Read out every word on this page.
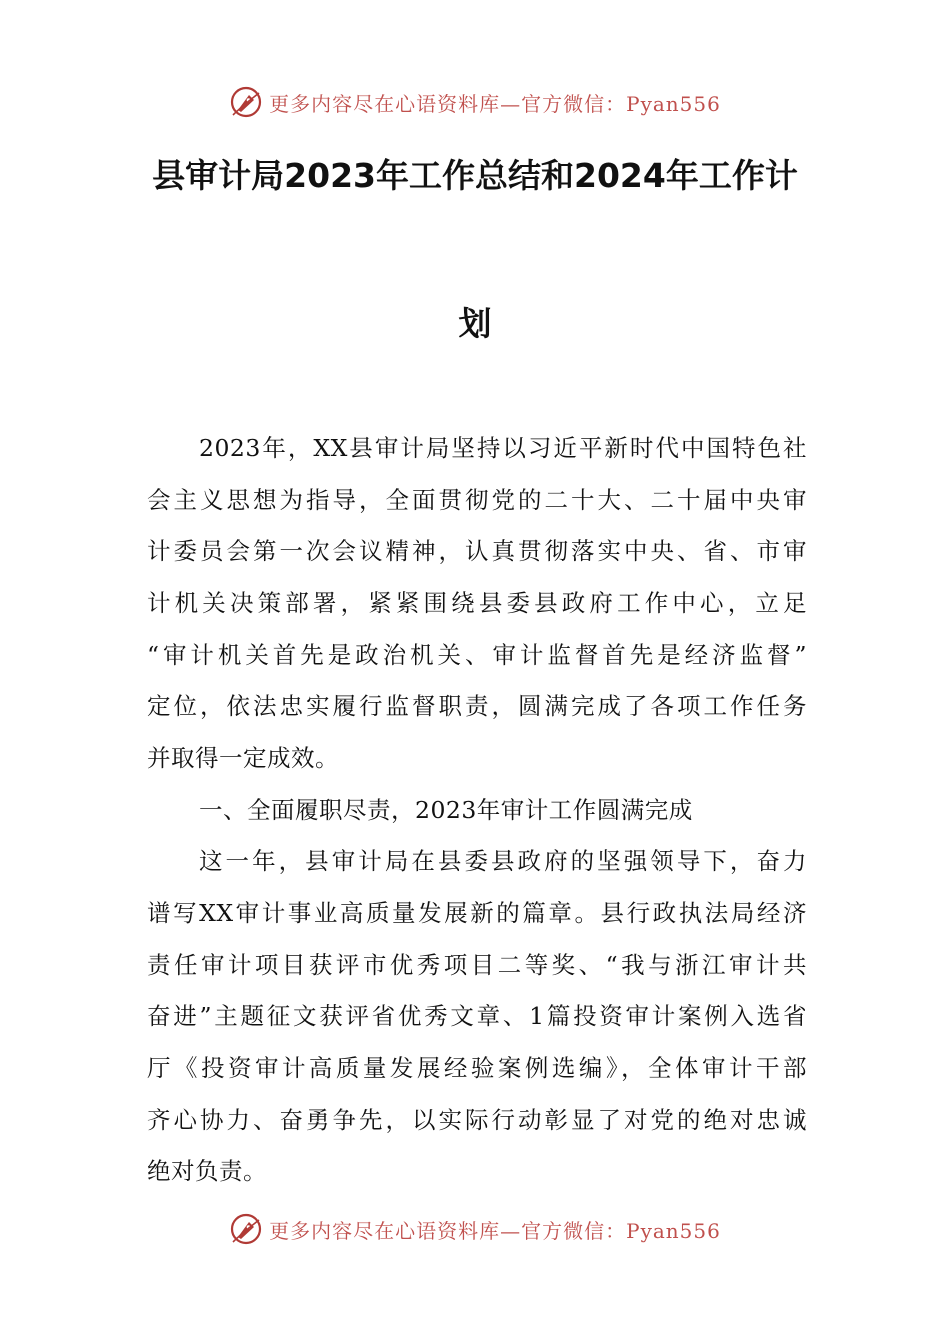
更多内容尽在心语资料库—官方微信：Pyan556
县审计局2023年工作总结和2024年工作计
划
2023年，XX县审计局坚持以习近平新时代中国特色社
会主义思想为指导，全面贯彻党的二十大、二十届中央审
计委员会第一次会议精神，认真贯彻落实中央、省、市审
计机关决策部署，紧紧围绕县委县政府工作中心，立足
“审计机关首先是政治机关、审计监督首先是经济监督”
定位，依法忠实履行监督职责，圆满完成了各项工作任务
并取得一定成效。
一、全面履职尽责，2023年审计工作圆满完成
这一年，县审计局在县委县政府的坚强领导下，奋力
谱写XX审计事业高质量发展新的篇章。县行政执法局经济
责任审计项目获评市优秀项目二等奖、“我与浙江审计共
奋进”主题征文获评省优秀文章、1篇投资审计案例入选省
厅《投资审计高质量发展经验案例选编》，全体审计干部
齐心协力、奋勇争先，以实际行动彰显了对党的绝对忠诚
绝对负责。
更多内容尽在心语资料库—官方微信：Pyan556
